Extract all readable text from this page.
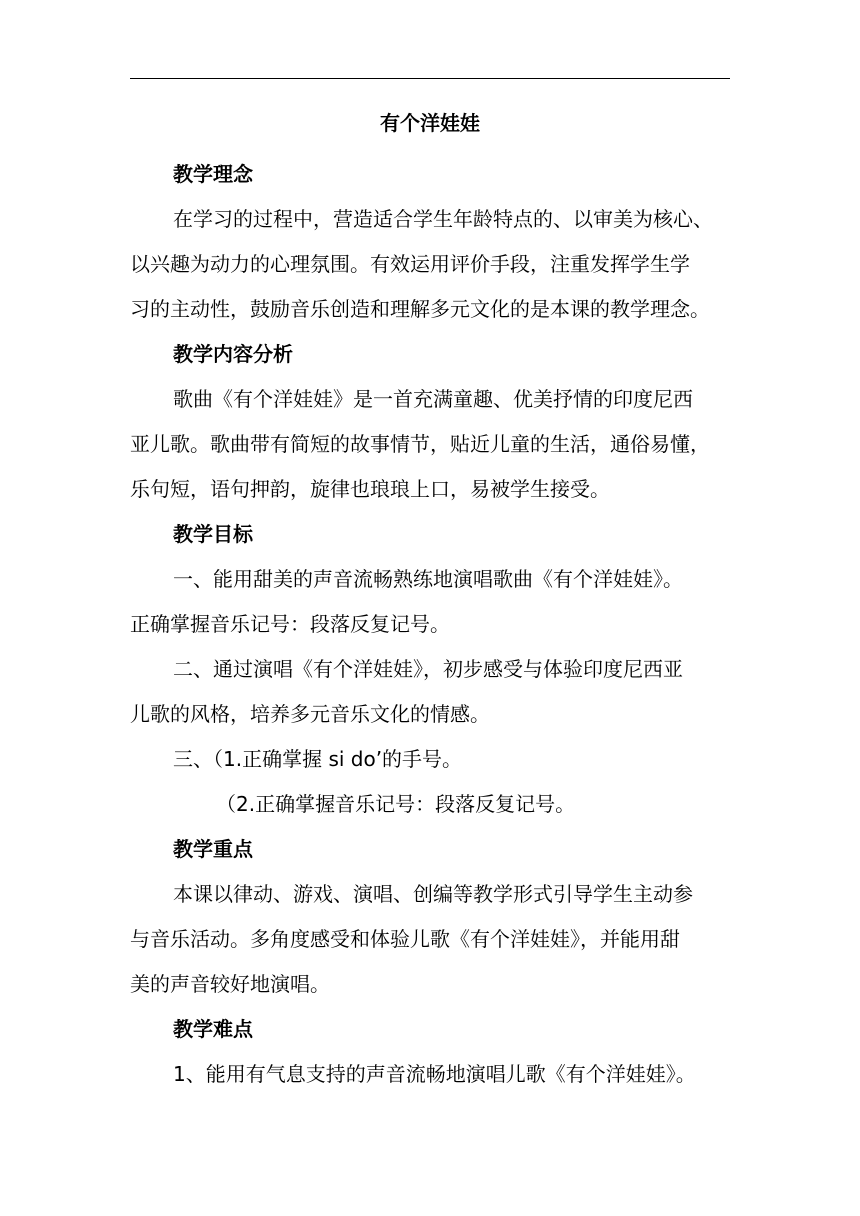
有个洋娃娃
教学理念
在学习的过程中，营造适合学生年龄特点的、以审美为核心、
以兴趣为动力的心理氛围。有效运用评价手段，注重发挥学生学
习的主动性，鼓励音乐创造和理解多元文化的是本课的教学理念。
教学内容分析
歌曲《有个洋娃娃》是一首充满童趣、优美抒情的印度尼西
亚儿歌。歌曲带有简短的故事情节，贴近儿童的生活，通俗易懂，
乐句短，语句押韵，旋律也琅琅上口，易被学生接受。
教学目标
一、能用甜美的声音流畅熟练地演唱歌曲《有个洋娃娃》。
正确掌握音乐记号：段落反复记号。
二、通过演唱《有个洋娃娃》，初步感受与体验印度尼西亚
儿歌的风格，培养多元音乐文化的情感。
三、（1.正确掌握 si do’的手号。
（2.正确掌握音乐记号：段落反复记号。
教学重点
本课以律动、游戏、演唱、创编等教学形式引导学生主动参
与音乐活动。多角度感受和体验儿歌《有个洋娃娃》，并能用甜
美的声音较好地演唱。
教学难点
1、能用有气息支持的声音流畅地演唱儿歌《有个洋娃娃》。
